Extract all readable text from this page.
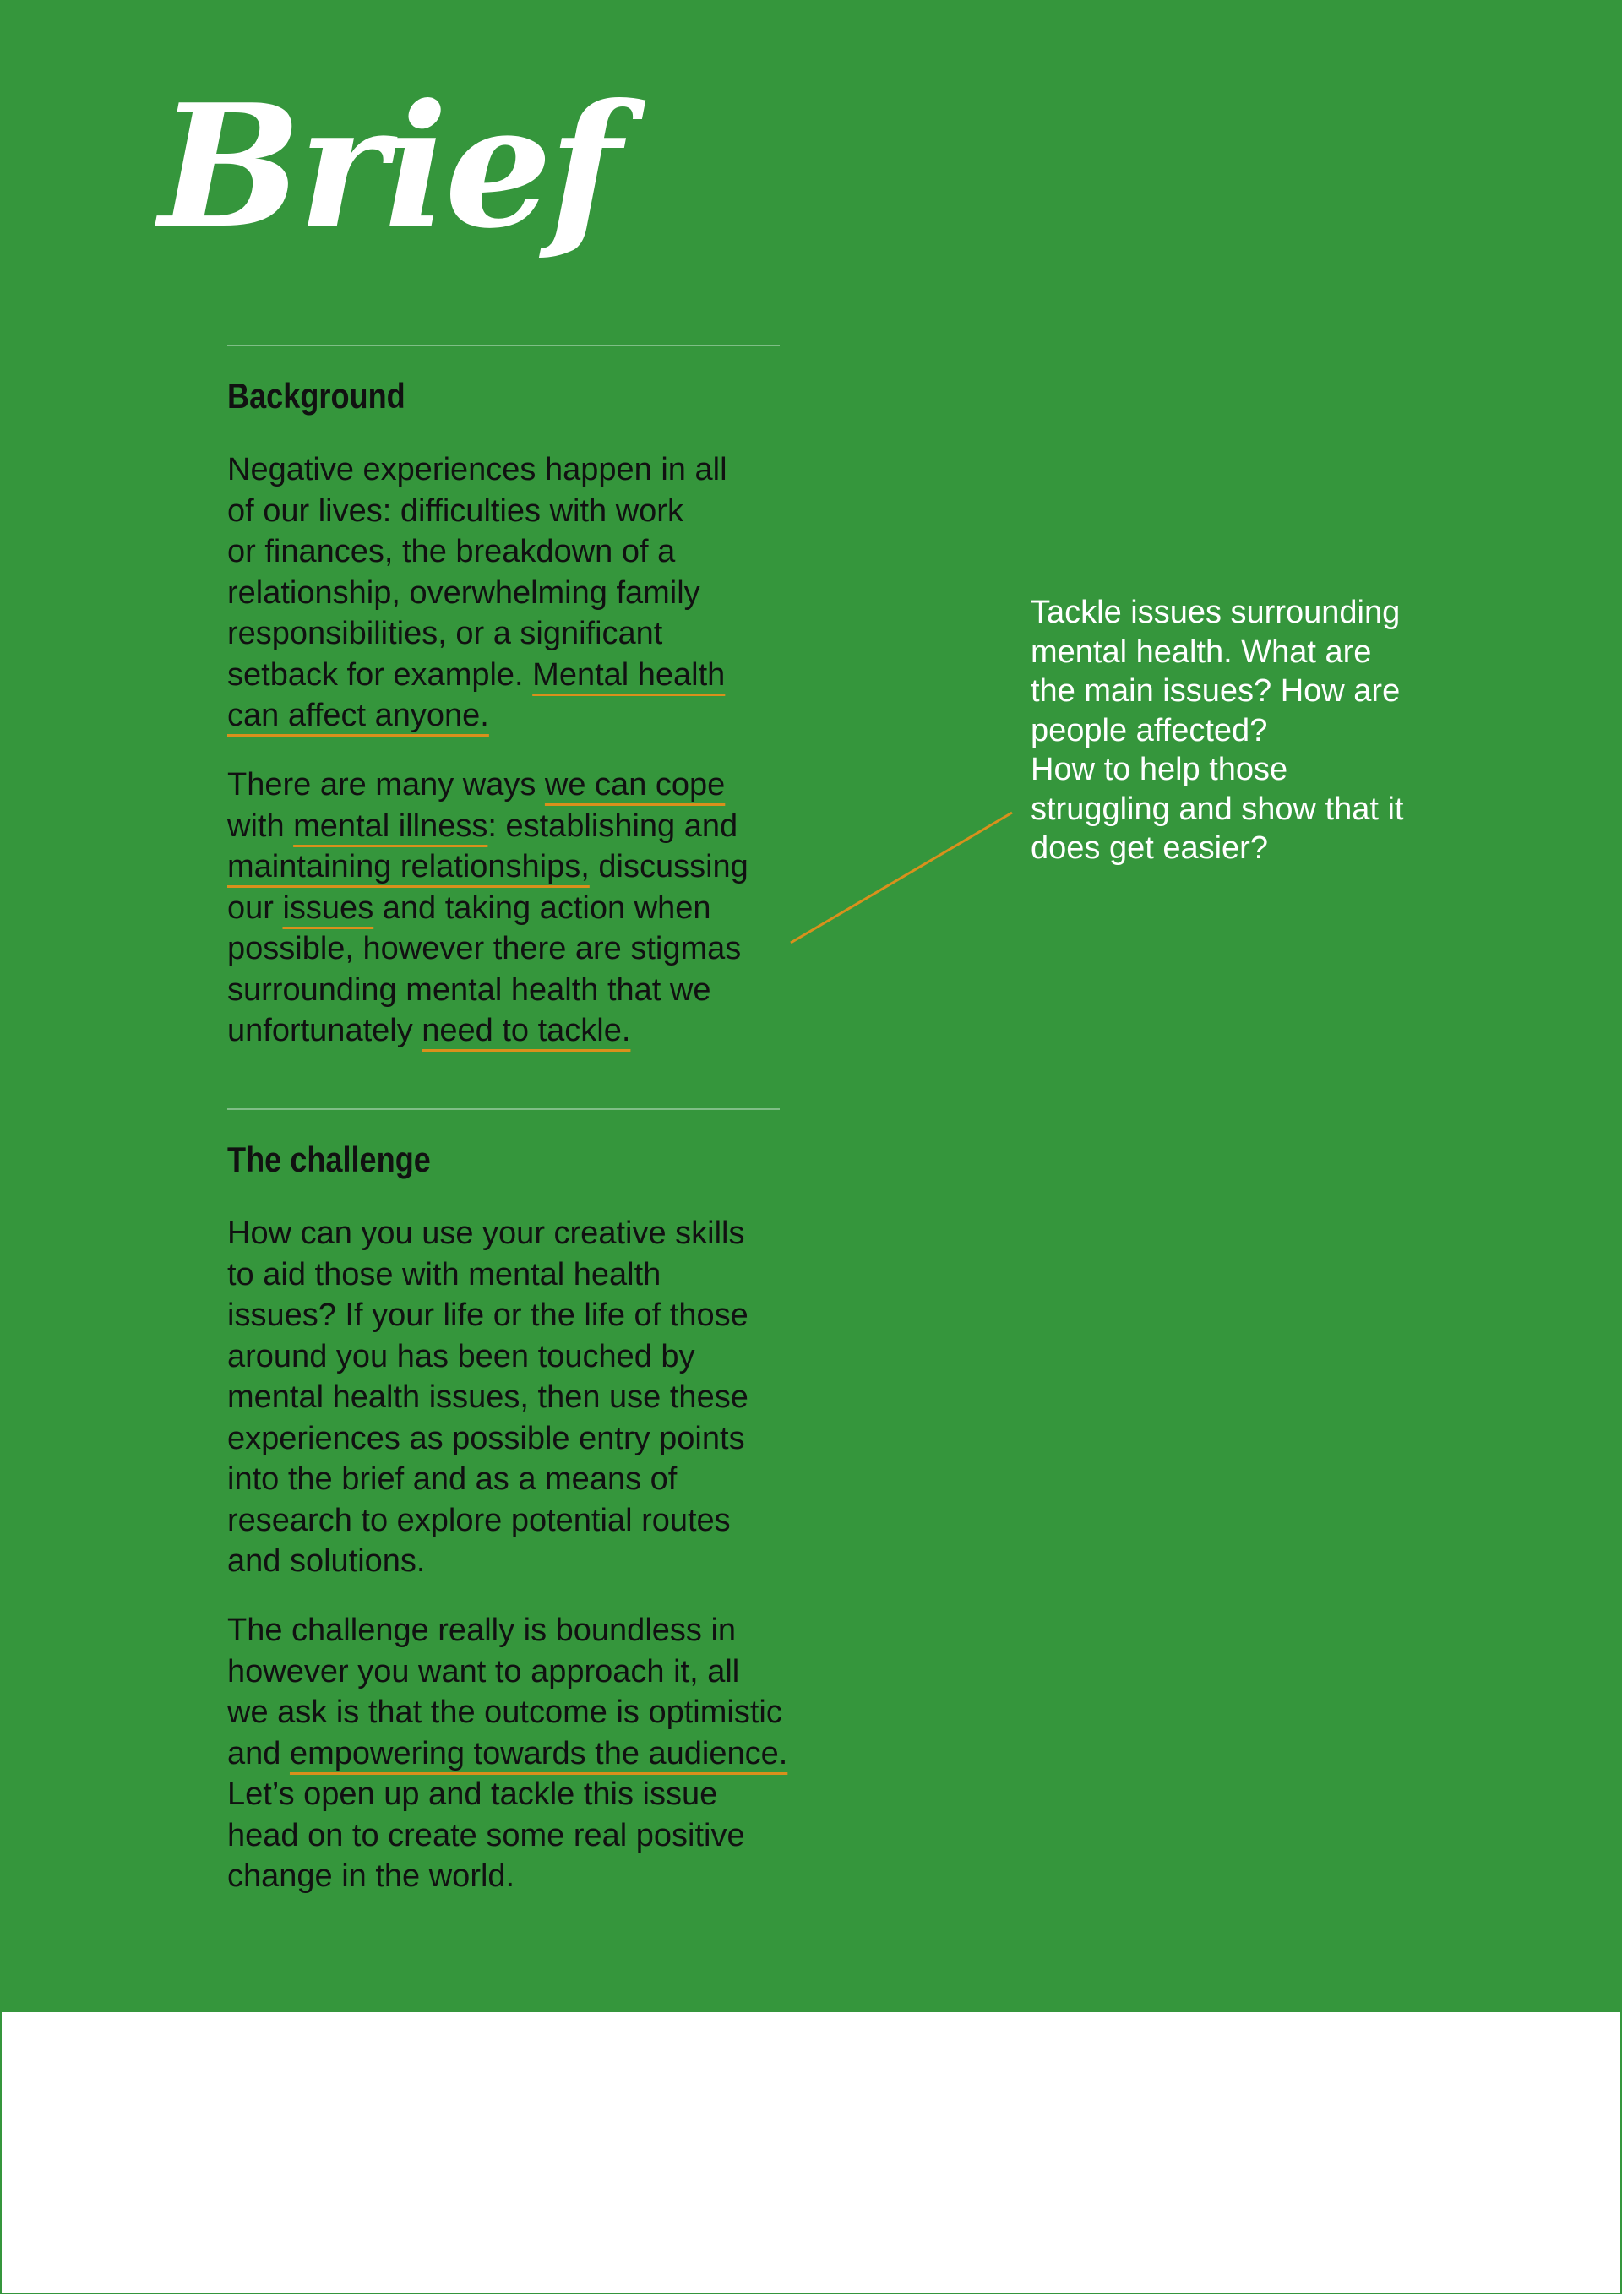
Brief
Background

Negative experiences happen in all
of our lives: difficulties with work
or finances, the breakdown of a
relationship, overwhelming family
responsibilities, or a significant
setback for example. Mental health
can affect anyone.

There are many ways we can cope
with mental illness: establishing and
maintaining relationships, discussing
our issues and taking action when
possible, however there are stigmas
surrounding mental health that we
unfortunately need to tackle.

The challenge

How can you use your creative skills
to aid those with mental health
issues? If your life or the life of those
around you has been touched by
mental health issues, then use these
experiences as possible entry points
into the brief and as a means of
research to explore potential routes
and solutions.

The challenge really is boundless in
however you want to approach it, all
we ask is that the outcome is optimistic
and empowering towards the audience.
Let’s open up and tackle this issue
head on to create some real positive
change in the world.

Tackle issues surrounding
mental health. What are
the main issues? How are
people affected?
How to help those
struggling and show that it
does get easier?
